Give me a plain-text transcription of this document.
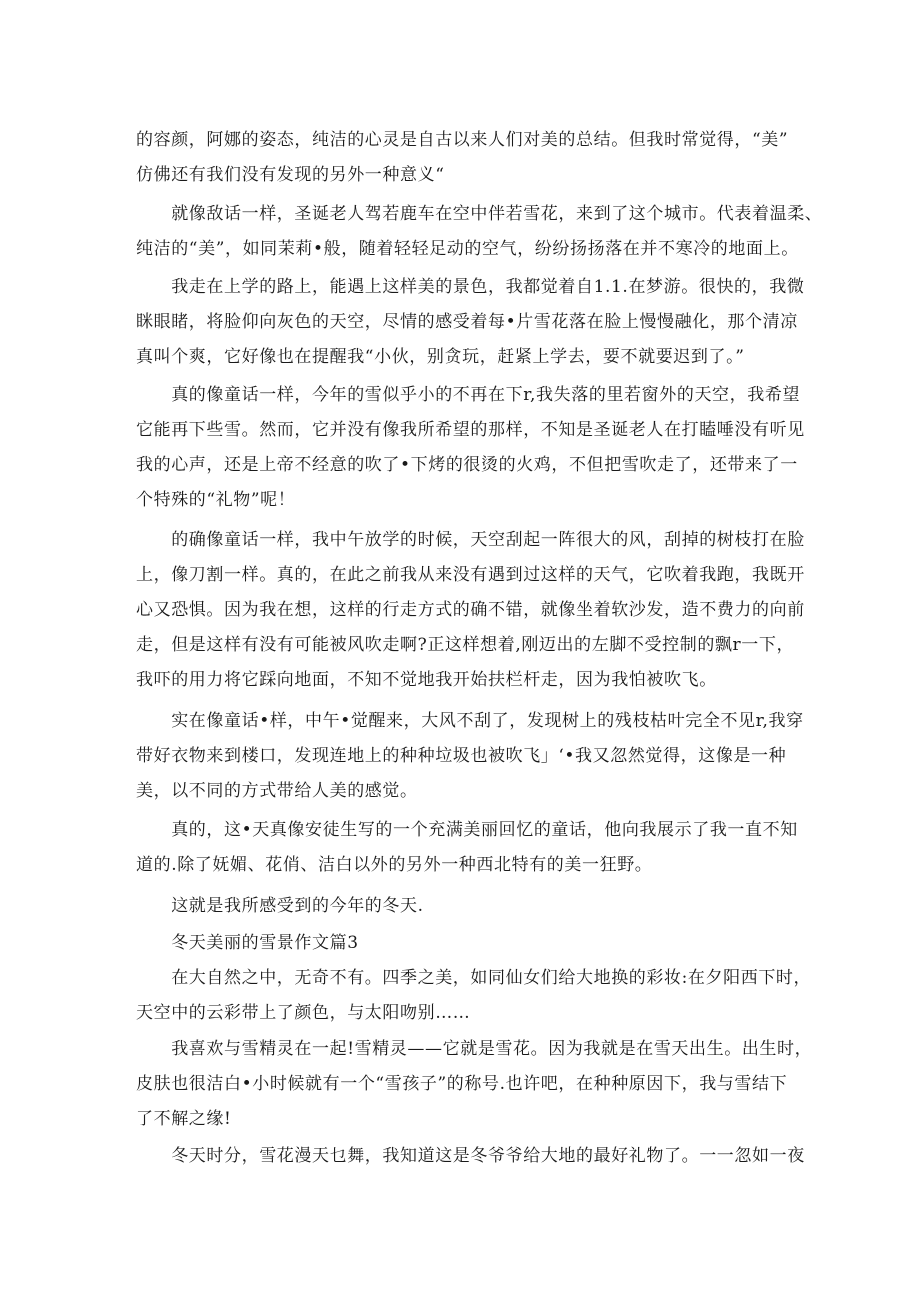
的容颜，阿娜的姿态，纯洁的心灵是自古以来人们对美的总结。但我时常觉得，“美”
仿佛还有我们没有发现的另外一种意义“
　　就像敌话一样，圣诞老人驾若鹿车在空中伴若雪花，来到了这个城市。代表着温柔、
纯洁的“美”，如同茉莉•般，随着轻轻足动的空气，纷纷扬扬落在并不寒冷的地面上。
　　我走在上学的路上，能遇上这样美的景色，我都觉着自1.1.在梦游。很快的，我微
眯眼睹，将脸仰向灰色的天空，尽情的感受着每•片雪花落在脸上慢慢融化，那个清凉
真叫个爽，它好像也在提醒我“小伙，别贪玩，赶紧上学去，要不就要迟到了。”
　　真的像童话一样，今年的雪似乎小的不再在下r,我失落的里若窗外的天空，我希望
它能再下些雪。然而，它并没有像我所希望的那样，不知是圣诞老人在打瞌唾没有听见
我的心声，还是上帝不经意的吹了•下烤的很烫的火鸡，不但把雪吹走了，还带来了一
个特殊的“礼物”呢！
　　的确像童话一样，我中午放学的时候，天空刮起一阵很大的风，刮掉的树枝打在脸
上，像刀割一样。真的，在此之前我从来没有遇到过这样的天气，它吹着我跑，我既开
心又恐惧。因为我在想，这样的行走方式的确不错，就像坐着软沙发，造不费力的向前
走，但是这样有没有可能被风吹走啊?正这样想着,刚迈出的左脚不受控制的飘r一下，
我吓的用力将它踩向地面，不知不觉地我开始扶栏杆走，因为我怕被吹飞。
　　实在像童话•样，中午•觉醒来，大风不刮了，发现树上的残枝枯叶完全不见r,我穿
带好衣物来到楼口，发现连地上的种种垃圾也被吹飞」‘•我又忽然觉得，这像是一种
美，以不同的方式带给人美的感觉。
　　真的，这•天真像安徒生写的一个充满美丽回忆的童话，他向我展示了我一直不知
道的.除了妩媚、花俏、洁白以外的另外一种西北特有的美一狂野。
　　这就是我所感受到的今年的冬天.
　　冬天美丽的雪景作文篇3
　　在大自然之中，无奇不有。四季之美，如同仙女们给大地换的彩妆:在夕阳西下时，
天空中的云彩带上了颜色，与太阳吻别……
　　我喜欢与雪精灵在一起!雪精灵——它就是雪花。因为我就是在雪天出生。出生时，
皮肤也很洁白•小时候就有一个“雪孩子”的称号.也许吧，在种种原因下，我与雪结下
了不解之缘!
　　冬天时分，雪花漫天乜舞，我知道这是冬爷爷给大地的最好礼物了。一一忽如一夜
